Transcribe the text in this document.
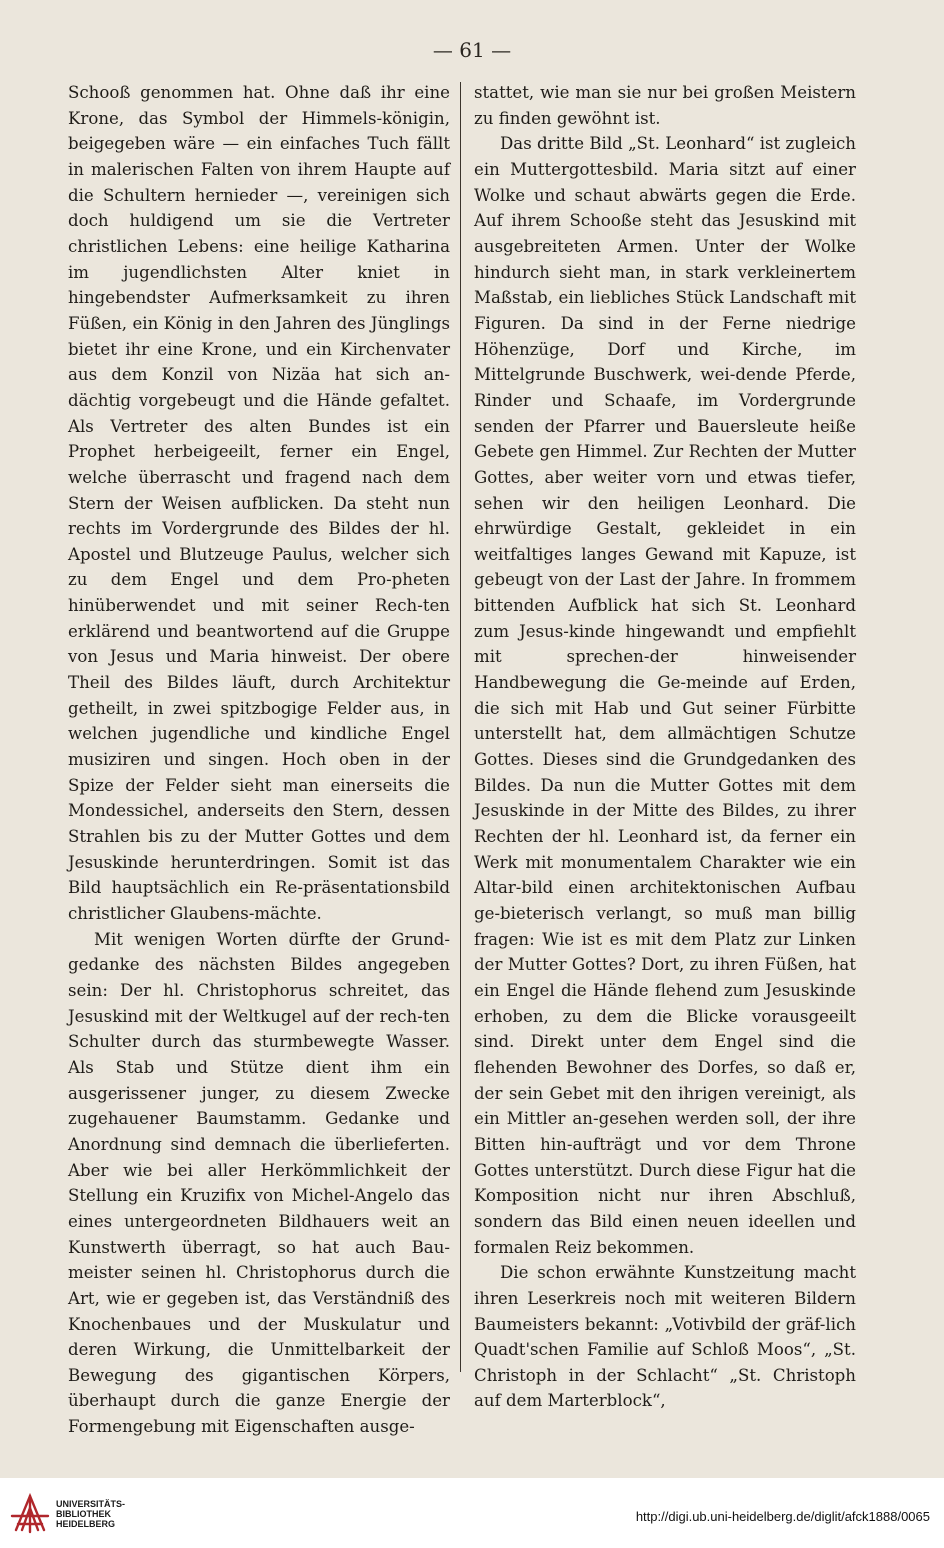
— 61 —

Schooß genommen hat. Ohne daß ihr eine Krone, das Symbol der Himmels-königin, beigegeben wäre — ein einfaches Tuch fällt in malerischen Falten von ihrem Haupte auf die Schultern hernieder —, vereinigen sich doch huldigend um sie die Vertreter christlichen Lebens: eine heilige Katharina im jugendlichsten Alter kniet in hingebendster Aufmerksamkeit zu ihren Füßen, ein König in den Jahren des Jünglings bietet ihr eine Krone, und ein Kirchenvater aus dem Konzil von Nizäa hat sich an-dächtig vorgebeugt und die Hände gefaltet. Als Vertreter des alten Bundes ist ein Prophet herbeigeeilt, ferner ein Engel, welche überrascht und fragend nach dem Stern der Weisen aufblicken. Da steht nun rechts im Vordergrunde des Bildes der hl. Apostel und Blutzeuge Paulus, welcher sich zu dem Engel und dem Pro-pheten hinüberwendet und mit seiner Rech-ten erklärend und beantwortend auf die Gruppe von Jesus und Maria hinweist. Der obere Theil des Bildes läuft, durch Architektur getheilt, in zwei spitzbogige Felder aus, in welchen jugendliche und kindliche Engel musiziren und singen. Hoch oben in der Spize der Felder sieht man einerseits die Mondessichel, anderseits den Stern, dessen Strahlen bis zu der Mutter Gottes und dem Jesuskinde herunterdringen. Somit ist das Bild hauptsächlich ein Re-präsentationsbild christlicher Glaubens-mächte.

Mit wenigen Worten dürfte der Grund-gedanke des nächsten Bildes angegeben sein: Der hl. Christophorus schreitet, das Jesuskind mit der Weltkugel auf der rech-ten Schulter durch das sturmbewegte Wasser. Als Stab und Stütze dient ihm ein ausgerissener junger, zu diesem Zwecke zugehauener Baumstamm. Gedanke und Anordnung sind demnach die überlieferten. Aber wie bei aller Herkömmlichkeit der Stellung ein Kruzifix von Michel-Angelo das eines untergeordneten Bildhauers weit an Kunstwerth überragt, so hat auch Bau-meister seinen hl. Christophorus durch die Art, wie er gegeben ist, das Verständniß des Knochenbaues und der Muskulatur und deren Wirkung, die Unmittelbarkeit der Bewegung des gigantischen Körpers, überhaupt durch die ganze Energie der Formengebung mit Eigenschaften ausge-

stattet, wie man sie nur bei großen Meistern zu finden gewöhnt ist.

Das dritte Bild „St. Leonhard“ ist zugleich ein Muttergottesbild. Maria sitzt auf einer Wolke und schaut abwärts gegen die Erde. Auf ihrem Schooße steht das Jesuskind mit ausgebreiteten Armen. Unter der Wolke hindurch sieht man, in stark verkleinertem Maßstab, ein liebliches Stück Landschaft mit Figuren. Da sind in der Ferne niedrige Höhenzüge, Dorf und Kirche, im Mittelgrunde Buschwerk, wei-dende Pferde, Rinder und Schaafe, im Vordergrunde senden der Pfarrer und Bauersleute heiße Gebete gen Himmel. Zur Rechten der Mutter Gottes, aber weiter vorn und etwas tiefer, sehen wir den heiligen Leonhard. Die ehrwürdige Gestalt, gekleidet in ein weitfaltiges langes Gewand mit Kapuze, ist gebeugt von der Last der Jahre. In frommem bittenden Aufblick hat sich St. Leonhard zum Jesus-kinde hingewandt und empfiehlt mit sprechen-der hinweisender Handbewegung die Ge-meinde auf Erden, die sich mit Hab und Gut seiner Fürbitte unterstellt hat, dem allmächtigen Schutze Gottes. Dieses sind die Grundgedanken des Bildes. Da nun die Mutter Gottes mit dem Jesuskinde in der Mitte des Bildes, zu ihrer Rechten der hl. Leonhard ist, da ferner ein Werk mit monumentalem Charakter wie ein Altar-bild einen architektonischen Aufbau ge-bieterisch verlangt, so muß man billig fragen: Wie ist es mit dem Platz zur Linken der Mutter Gottes? Dort, zu ihren Füßen, hat ein Engel die Hände flehend zum Jesuskinde erhoben, zu dem die Blicke vorausgeeilt sind. Direkt unter dem Engel sind die flehenden Bewohner des Dorfes, so daß er, der sein Gebet mit den ihrigen vereinigt, als ein Mittler an-gesehen werden soll, der ihre Bitten hin-aufträgt und vor dem Throne Gottes unterstützt. Durch diese Figur hat die Komposition nicht nur ihren Abschluß, sondern das Bild einen neuen ideellen und formalen Reiz bekommen.

Die schon erwähnte Kunstzeitung macht ihren Leserkreis noch mit weiteren Bildern Baumeisters bekannt: „Votivbild der gräf-lich Quadt'schen Familie auf Schloß Moos“, „St. Christoph in der Schlacht“ „St. Christoph auf dem Marterblock“,

UNIVERSITÄTS-
BIBLIOTHEK
HEIDELBERG	http://digi.ub.uni-heidelberg.de/diglit/afck1888/0065
